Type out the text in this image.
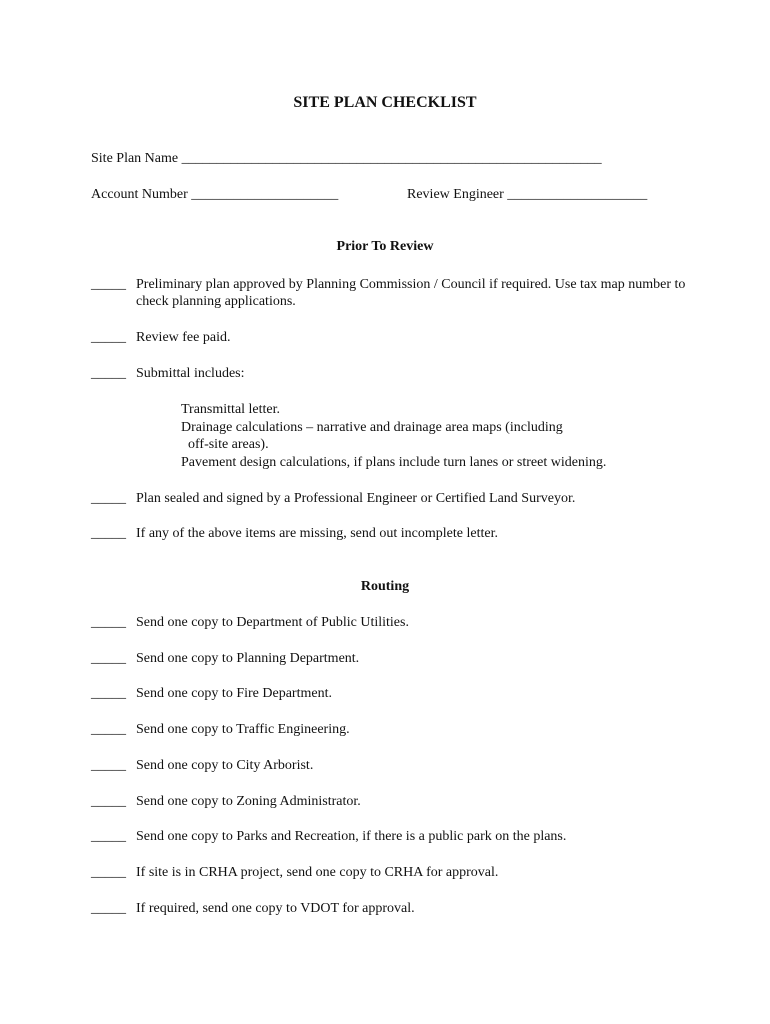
SITE PLAN CHECKLIST
Site Plan Name ____________________________________________________________
Account Number _____________________	Review Engineer ____________________
Prior To Review
_____ Preliminary plan approved by Planning Commission / Council if required. Use tax map number to check planning applications.
_____ Review fee paid.
_____ Submittal includes:
Transmittal letter.
Drainage calculations – narrative and drainage area maps (including
off-site areas).
Pavement design calculations, if plans include turn lanes or street widening.
_____ Plan sealed and signed by a Professional Engineer or Certified Land Surveyor.
_____ If any of the above items are missing, send out incomplete letter.
Routing
_____ Send one copy to Department of Public Utilities.
_____ Send one copy to Planning Department.
_____ Send one copy to Fire Department.
_____ Send one copy to Traffic Engineering.
_____ Send one copy to City Arborist.
_____ Send one copy to Zoning Administrator.
_____ Send one copy to Parks and Recreation, if there is a public park on the plans.
_____ If site is in CRHA project, send one copy to CRHA for approval.
_____ If required, send one copy to VDOT for approval.
